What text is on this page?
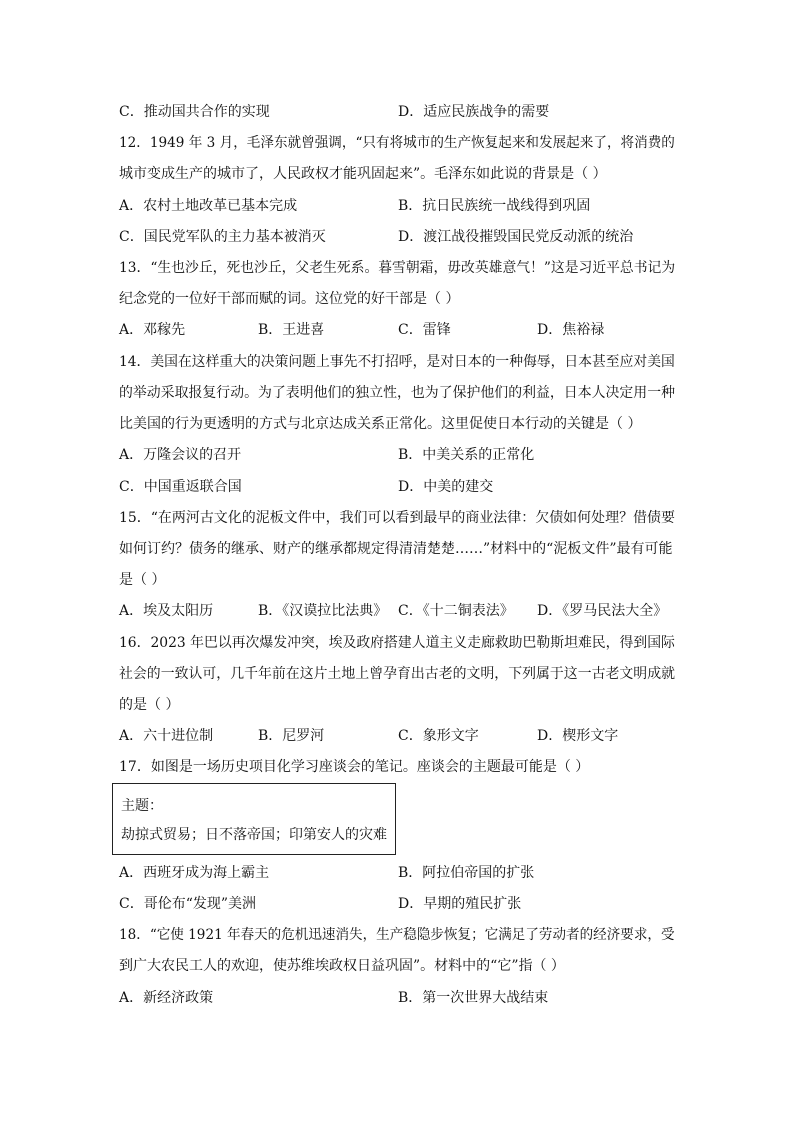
C．推动国共合作的实现	D．适应民族战争的需要
12．1949 年 3 月，毛泽东就曾强调，“只有将城市的生产恢复起来和发展起来了，将消费的
城市变成生产的城市了，人民政权才能巩固起来”。毛泽东如此说的背景是（ ）
A．农村土地改革已基本完成	B．抗日民族统一战线得到巩固
C．国民党军队的主力基本被消灭	D．渡江战役摧毁国民党反动派的统治
13．“生也沙丘，死也沙丘，父老生死系。暮雪朝霜，毋改英雄意气！”这是习近平总书记为
纪念党的一位好干部而赋的词。这位党的好干部是（ ）
A．邓稼先	B．王进喜	C．雷锋	D．焦裕禄
14．美国在这样重大的决策问题上事先不打招呼，是对日本的一种侮辱，日本甚至应对美国
的举动采取报复行动。为了表明他们的独立性，也为了保护他们的利益，日本人决定用一种
比美国的行为更透明的方式与北京达成关系正常化。这里促使日本行动的关键是（ ）
A．万隆会议的召开	B．中美关系的正常化
C．中国重返联合国	D．中美的建交
15．“在两河古文化的泥板文件中，我们可以看到最早的商业法律：欠债如何处理？借债要
如何订约？债务的继承、财产的继承都规定得清清楚楚……”材料中的“泥板文件”最有可能
是（ ）
A．埃及太阳历	B．《汉谟拉比法典》 C．《十二铜表法》 D．《罗马民法大全》
16．2023 年巴以再次爆发冲突，埃及政府搭建人道主义走廊救助巴勒斯坦难民，得到国际
社会的一致认可，几千年前在这片土地上曾孕育出古老的文明，下列属于这一古老文明成就
的是（ ）
A．六十进位制	B．尼罗河	C．象形文字	D．楔形文字
17．如图是一场历史项目化学习座谈会的笔记。座谈会的主题最可能是（ ）
主题：
劫掠式贸易；日不落帝国；印第安人的灾难
A．西班牙成为海上霸主	B．阿拉伯帝国的扩张
C．哥伦布“发现”美洲	D．早期的殖民扩张
18．“它使 1921 年春天的危机迅速消失，生产稳隐步恢复；它满足了劳动者的经济要求，受
到广大农民工人的欢迎，使苏维埃政权日益巩固”。材料中的“它”指（ ）
A．新经济政策	B．第一次世界大战结束
